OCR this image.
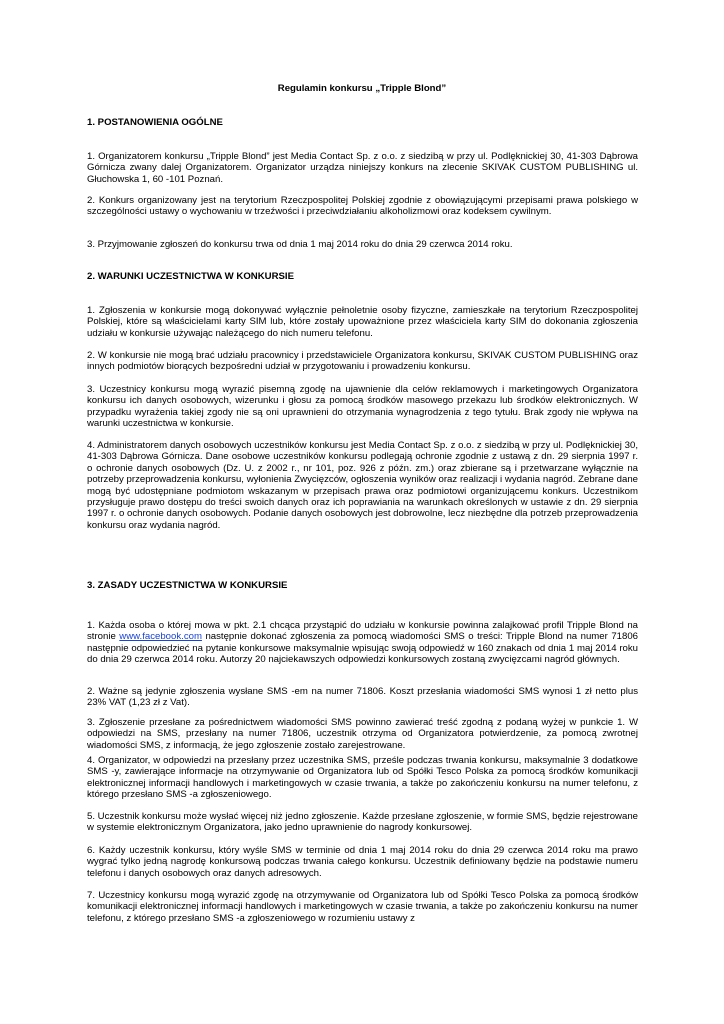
Regulamin konkursu „Tripple Blond”

1. POSTANOWIENIA OGÓLNE

1. Organizatorem konkursu „Tripple Blond” jest Media Contact Sp. z o.o. z siedzibą w przy ul. Podlęknickiej 30, 41-303 Dąbrowa Górnicza zwany dalej Organizatorem. Organizator urządza niniejszy konkurs na zlecenie SKIVAK CUSTOM PUBLISHING ul. Głuchowska 1, 60 -101 Poznań.

2. Konkurs organizowany jest na terytorium Rzeczpospolitej Polskiej zgodnie z obowiązującymi przepisami prawa polskiego w szczególności ustawy o wychowaniu w trzeźwości i przeciwdziałaniu alkoholizmowi oraz kodeksem cywilnym.

3. Przyjmowanie zgłoszeń do konkursu trwa od dnia 1 maj 2014 roku do dnia 29 czerwca 2014 roku.

2. WARUNKI UCZESTNICTWA W KONKURSIE

1. Zgłoszenia w konkursie mogą dokonywać wyłącznie pełnoletnie osoby fizyczne, zamieszkałe na terytorium Rzeczpospolitej Polskiej, które są właścicielami karty SIM lub, które zostały upoważnione przez właściciela karty SIM do dokonania zgłoszenia udziału w konkursie używając należącego do nich numeru telefonu.

2. W konkursie nie mogą brać udziału pracownicy i przedstawiciele Organizatora konkursu, SKIVAK CUSTOM PUBLISHING oraz innych podmiotów biorących bezpośredni udział w przygotowaniu i prowadzeniu konkursu.

3. Uczestnicy konkursu mogą wyrazić pisemną zgodę na ujawnienie dla celów reklamowych i marketingowych Organizatora konkursu ich danych osobowych, wizerunku i głosu za pomocą środków masowego przekazu lub środków elektronicznych. W przypadku wyrażenia takiej zgody nie są oni uprawnieni do otrzymania wynagrodzenia z tego tytułu. Brak zgody nie wpływa na warunki uczestnictwa w konkursie.

4. Administratorem danych osobowych uczestników konkursu jest Media Contact Sp. z o.o. z siedzibą w przy ul. Podlęknickiej 30, 41-303 Dąbrowa Górnicza. Dane osobowe uczestników konkursu podlegają ochronie zgodnie z ustawą z dn. 29 sierpnia 1997 r. o ochronie danych osobowych (Dz. U. z 2002 r., nr 101, poz. 926 z późn. zm.) oraz zbierane są i przetwarzane wyłącznie na potrzeby przeprowadzenia konkursu, wyłonienia Zwycięzców, ogłoszenia wyników oraz realizacji i wydania nagród. Zebrane dane mogą być udostępniane podmiotom wskazanym w przepisach prawa oraz podmiotowi organizującemu konkurs. Uczestnikom przysługuje prawo dostępu do treści swoich danych oraz ich poprawiania na warunkach określonych w ustawie z dn. 29 sierpnia 1997 r. o ochronie danych osobowych. Podanie danych osobowych jest dobrowolne, lecz niezbędne dla potrzeb przeprowadzenia konkursu oraz wydania nagród.

3. ZASADY UCZESTNICTWA W KONKURSIE

1. Każda osoba o której mowa w pkt. 2.1 chcąca przystąpić do udziału w konkursie powinna zalajkować profil Tripple Blond na stronie www.facebook.com następnie dokonać zgłoszenia za pomocą wiadomości SMS o treści: Tripple Blond na numer 71806 następnie odpowiedzieć na pytanie konkursowe maksymalnie wpisując swoją odpowiedź w 160 znakach od dnia 1 maj 2014 roku do dnia 29 czerwca 2014 roku. Autorzy 20 najciekawszych odpowiedzi konkursowych zostaną zwycięzcami nagród głównych.

2. Ważne są jedynie zgłoszenia wysłane SMS -em na numer 71806. Koszt przesłania wiadomości SMS wynosi 1 zł netto plus 23% VAT (1,23 zł z Vat).

3. Zgłoszenie przesłane za pośrednictwem wiadomości SMS powinno zawierać treść zgodną z podaną wyżej w punkcie 1. W odpowiedzi na SMS, przesłany na numer 71806, uczestnik otrzyma od Organizatora potwierdzenie, za pomocą zwrotnej wiadomości SMS, z informacją, że jego zgłoszenie zostało zarejestrowane.

4. Organizator, w odpowiedzi na przesłany przez uczestnika SMS, prześle podczas trwania konkursu, maksymalnie 3 dodatkowe SMS -y, zawierające informacje na otrzymywanie od Organizatora lub od Spółki Tesco Polska za pomocą środków komunikacji elektronicznej informacji handlowych i marketingowych w czasie trwania, a także po zakończeniu konkursu na numer telefonu, z którego przesłano SMS -a zgłoszeniowego.

5. Uczestnik konkursu może wysłać więcej niż jedno zgłoszenie. Każde przesłane zgłoszenie, w formie SMS, będzie rejestrowane w systemie elektronicznym Organizatora, jako jedno uprawnienie do nagrody konkursowej.

6. Każdy uczestnik konkursu, który wyśle SMS w terminie od dnia 1 maj 2014 roku do dnia 29 czerwca 2014 roku ma prawo wygrać tylko jedną nagrodę konkursową podczas trwania całego konkursu. Uczestnik definiowany będzie na podstawie numeru telefonu i danych osobowych oraz danych adresowych.

7. Uczestnicy konkursu mogą wyrazić zgodę na otrzymywanie od Organizatora lub od Spółki Tesco Polska za pomocą środków komunikacji elektronicznej informacji handlowych i marketingowych w czasie trwania, a także po zakończeniu konkursu na numer telefonu, z którego przesłano SMS -a zgłoszeniowego w rozumieniu ustawy z
